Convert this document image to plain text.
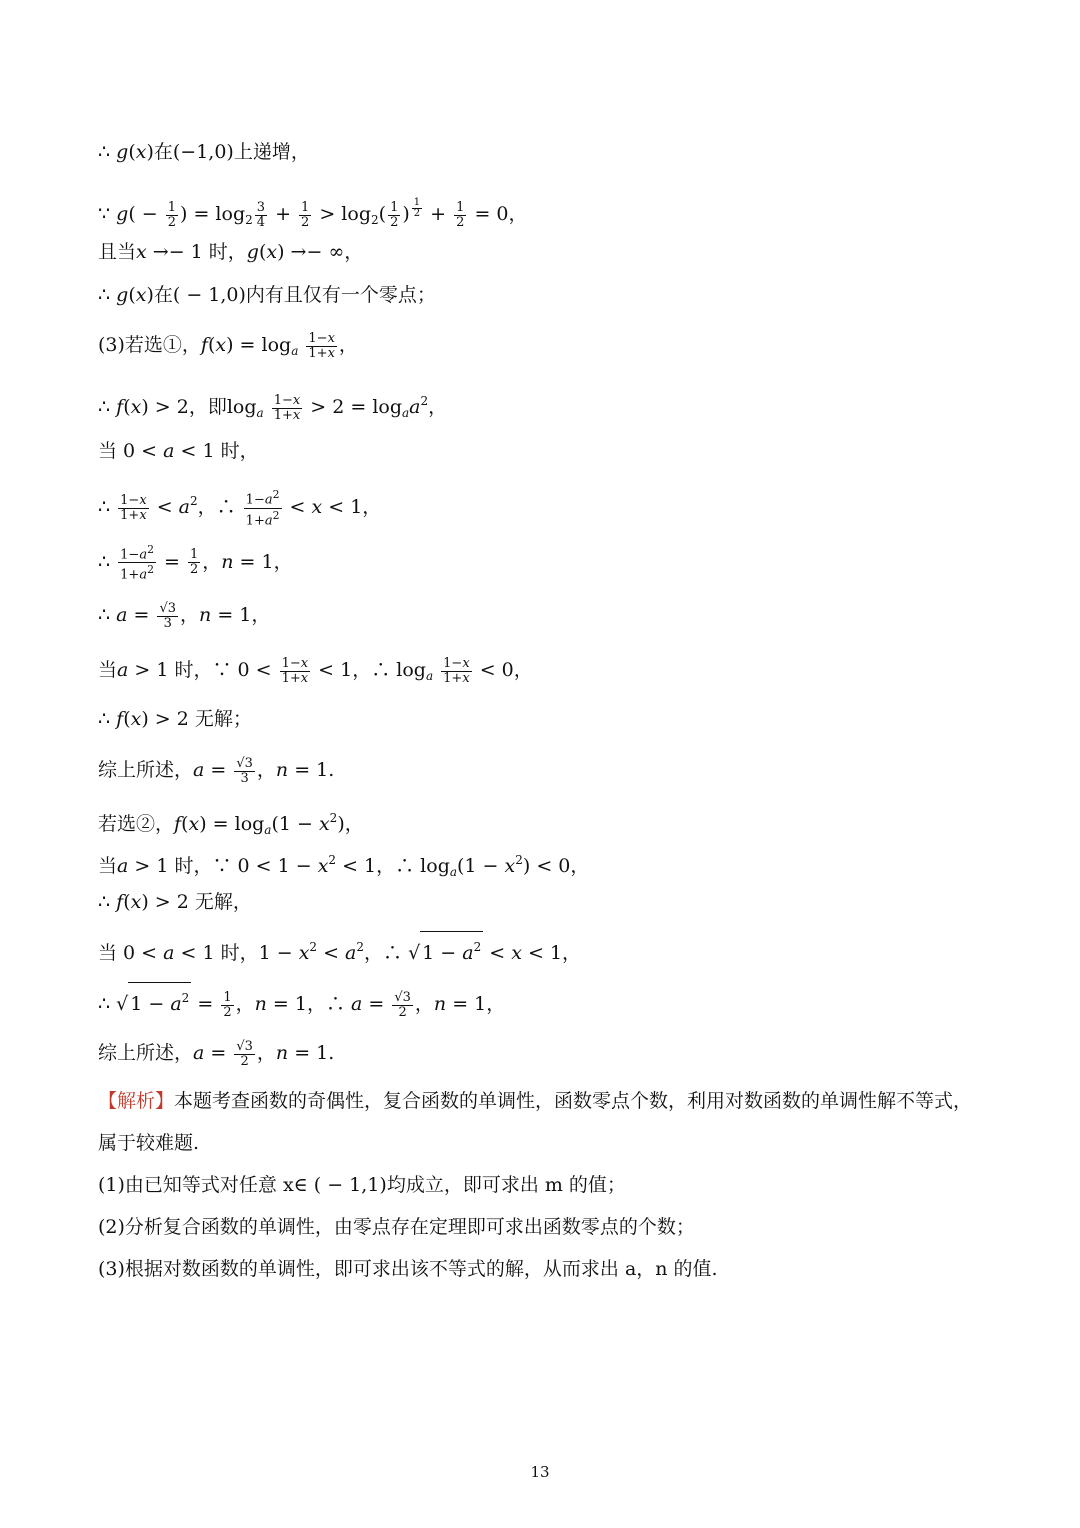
∴ g(x)在(−1,0)上递增，
∵ $g( - \frac{1}{2}$ ) = $\log_2 \frac{3}{4} + \frac{1}{2} > \log_2( \frac{1}{2}$ ) $^{\frac{1}{2}} + \frac{1}{2} = 0$，
且当x →− 1 时，g(x) →− ∞，
∴ g(x)在( − 1,0)内有且仅有一个零点；
(3)若选①，$f(x) = \log_a \frac{1-x}{1+x}$ ，
∴ f(x) > 2，即$\log_a \frac{1-x}{1+x} > 2 = \log_aa^2$，
当 0 < a < 1 时，
∴ $\frac{1-x}{1+x} < a^2$，∴ $\frac{1-a^2}{1+a^2} < x < 1$，
∴ $\frac{1-a^2}{1+a^2} = \frac{1}{2}$ ，n = 1，
∴ $a = \frac{√3}{3}$ ，n = 1，
当a > 1 时，∵ $0 < \frac{1-x}{1+x} < 1$，∴ $\log_a \frac{1-x}{1+x} < 0$，
∴ f(x) > 2 无解；
综上所述，$a = \frac{√3}{3}$ ，n = 1.
若选②，$f(x) = \log_a(1 - x^2)$，
当a > 1 时，∵ $0 < 1 - x^2 < 1$，∴ $\log_a(1 - x^2) < 0$，
∴ f(x) > 2 无解，
当 0 < a < 1 时，$1 - x^2 < a^2$，∴ √ $1 - a^2 < x < 1$，
∴ √ $1 - a^2 = \frac{1}{2}$ ，n = 1，∴ $a = \frac{√3}{2}$ ，n = 1，
综上所述，$a = \frac{√3}{2}$ ，n = 1.
【解析】本题考查函数的奇偶性，复合函数的单调性，函数零点个数，利用对数函数的单调性解不等式，
属于较难题.
(1)由已知等式对任意 x∈ ( − 1,1)均成立，即可求出 m 的值；
(2)分析复合函数的单调性，由零点存在定理即可求出函数零点的个数；
(3)根据对数函数的单调性，即可求出该不等式的解，从而求出 a，n 的值.
13
